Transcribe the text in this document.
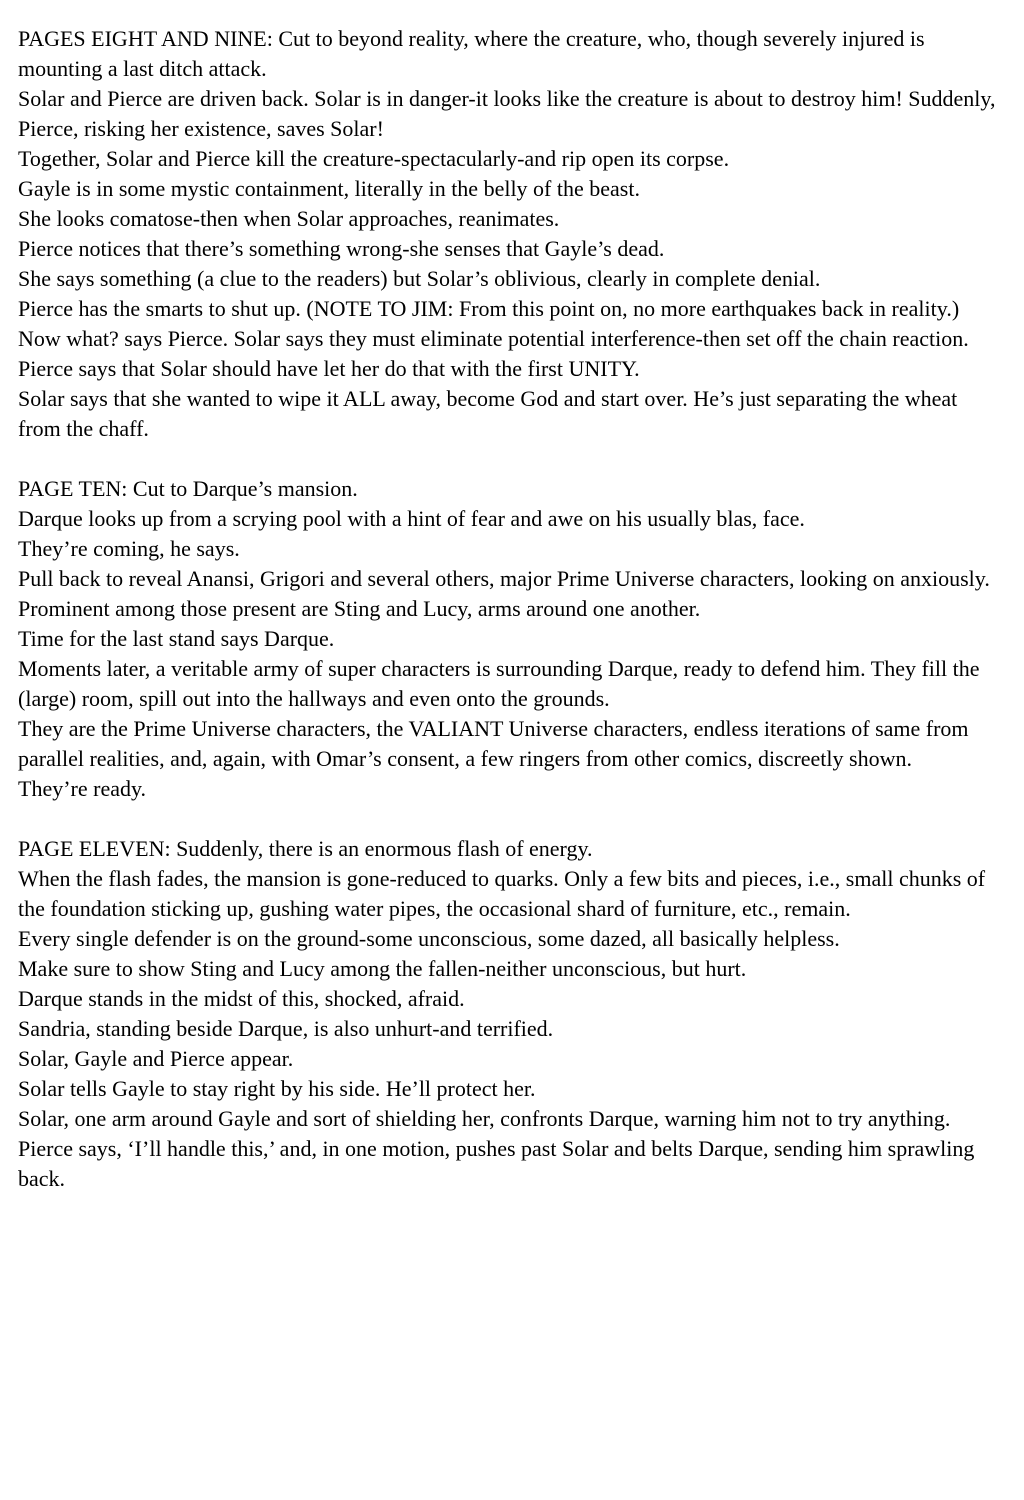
PAGES EIGHT AND NINE: Cut to beyond reality, where the creature, who, though severely injured is mounting a last ditch attack.

Solar and Pierce are driven back. Solar is in danger-it looks like the creature is about to destroy him! Suddenly, Pierce, risking her existence, saves Solar!

Together, Solar and Pierce kill the creature-spectacularly-and rip open its corpse.

Gayle is in some mystic containment, literally in the belly of the beast.

She looks comatose-then when Solar approaches, reanimates.

Pierce notices that there’s something wrong-she senses that Gayle’s dead.

She says something (a clue to the readers) but Solar’s oblivious, clearly in complete denial.

Pierce has the smarts to shut up. (NOTE TO JIM: From this point on, no more earthquakes back in reality.)

Now what? says Pierce. Solar says they must eliminate potential interference-then set off the chain reaction.

Pierce says that Solar should have let her do that with the first UNITY.

Solar says that she wanted to wipe it ALL away, become God and start over. He’s just separating the wheat from the chaff.

PAGE TEN: Cut to Darque’s mansion.

Darque looks up from a scrying pool with a hint of fear and awe on his usually blas, face.

They’re coming, he says.

Pull back to reveal Anansi, Grigori and several others, major Prime Universe characters, looking on anxiously.

Prominent among those present are Sting and Lucy, arms around one another.

Time for the last stand says Darque.

Moments later, a veritable army of super characters is surrounding Darque, ready to defend him. They fill the (large) room, spill out into the hallways and even onto the grounds.

They are the Prime Universe characters, the VALIANT Universe characters, endless iterations of same from parallel realities, and, again, with Omar’s consent, a few ringers from other comics, discreetly shown.

They’re ready.

PAGE ELEVEN: Suddenly, there is an enormous flash of energy.

When the flash fades, the mansion is gone-reduced to quarks. Only a few bits and pieces, i.e., small chunks of the foundation sticking up, gushing water pipes, the occasional shard of furniture, etc., remain.

Every single defender is on the ground-some unconscious, some dazed, all basically helpless.

Make sure to show Sting and Lucy among the fallen-neither unconscious, but hurt.

Darque stands in the midst of this, shocked, afraid.

Sandria, standing beside Darque, is also unhurt-and terrified.

Solar, Gayle and Pierce appear.

Solar tells Gayle to stay right by his side. He’ll protect her.

Solar, one arm around Gayle and sort of shielding her, confronts Darque, warning him not to try anything.

Pierce says, ‘I’ll handle this,’ and, in one motion, pushes past Solar and belts Darque, sending him sprawling back.
